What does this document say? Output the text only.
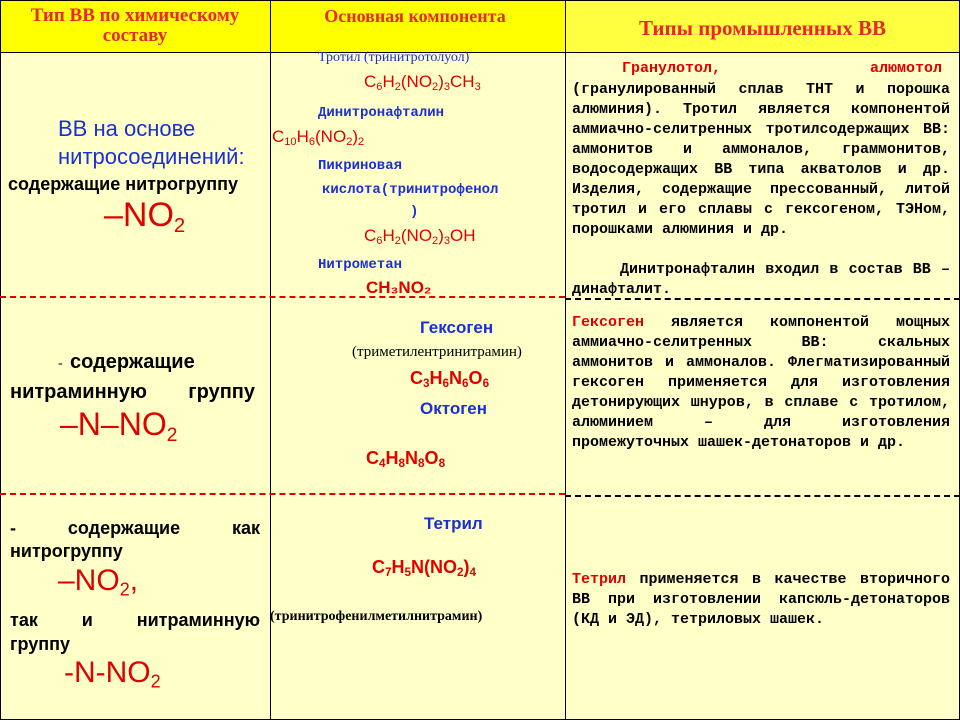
Тип ВВ по химическому составу
Основная компонента	Типы промышленных ВВ
ВВ на основе
нитросоединений:
содержащие нитрогруппу
$-NO_2$
Тротил (тринитротолуол)
$C_6H_2(NO_2)_3CH_3$
Динитронафталин
$C_{10}H_6(NO_2)_2$
Пикриновая
кислота(тринитрофенол
)
$C_6H_2(NO_2)_3OH$
Нитрометан
CH₃NO₂
Гранулотол,	алюмотол
(гранулированный сплав ТНТ и порошка алюминия). Тротил является компонентой аммиачно-селитренных тротилсодержащих ВВ: аммонитов и аммоналов, граммонитов, водосодержащих ВВ типа акватолов и др. Изделия, содержащие прессованный, литой тротил и его сплавы с гексогеном, ТЭНом, порошками алюминия и др.
Динитронафталин входил в состав ВВ – динафталит.
- содержащие
нитраминную группу
$-N-NO_2$
Гексоген
(триметилентринитрамин)
$C_3H_6N_6O_6$
Октоген
$C_4H_8N_8O_8$
Гексоген является компонентой мощных аммиачно-селитренных ВВ: скальных аммонитов и аммоналов. Флегматизированный гексоген применяется для изготовления детонирующих шнуров, в сплаве с тротилом, алюминием – для изготовления промежуточных шашек-детонаторов и др.
- содержащие как
нитрогруппу
$-NO_2$,
так и нитраминную
группу
$-N-NO_2$
Тетрил
$C_7H_5N(NO_2)_4$
(тринитрофенилметилнитрамин)
Тетрил применяется в качестве вторичного ВВ при изготовлении капсюль-детонаторов (КД и ЭД), тетриловых шашек.
